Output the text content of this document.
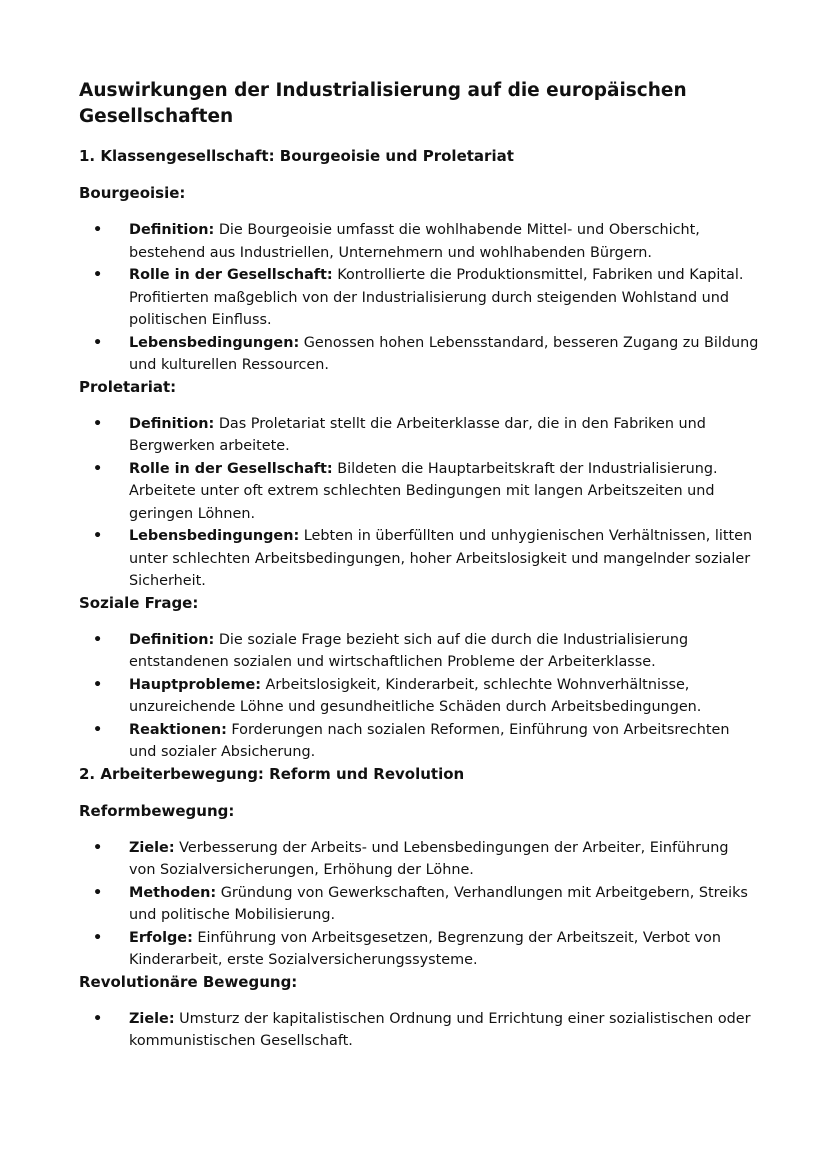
Auswirkungen der Industrialisierung auf die europäischen Gesellschaften
1. Klassengesellschaft: Bourgeoisie und Proletariat
Bourgeoisie:
• Definition: Die Bourgeoisie umfasst die wohlhabende Mittel- und Oberschicht, bestehend aus Industriellen, Unternehmern und wohlhabenden Bürgern.
• Rolle in der Gesellschaft: Kontrollierte die Produktionsmittel, Fabriken und Kapital. Profitierten maßgeblich von der Industrialisierung durch steigenden Wohlstand und politischen Einfluss.
• Lebensbedingungen: Genossen hohen Lebensstandard, besseren Zugang zu Bildung und kulturellen Ressourcen.
Proletariat:
• Definition: Das Proletariat stellt die Arbeiterklasse dar, die in den Fabriken und Bergwerken arbeitete.
• Rolle in der Gesellschaft: Bildeten die Hauptarbeitskraft der Industrialisierung. Arbeitete unter oft extrem schlechten Bedingungen mit langen Arbeitszeiten und geringen Löhnen.
• Lebensbedingungen: Lebten in überfüllten und unhygienischen Verhältnissen, litten unter schlechten Arbeitsbedingungen, hoher Arbeitslosigkeit und mangelnder sozialer Sicherheit.
Soziale Frage:
• Definition: Die soziale Frage bezieht sich auf die durch die Industrialisierung entstandenen sozialen und wirtschaftlichen Probleme der Arbeiterklasse.
• Hauptprobleme: Arbeitslosigkeit, Kinderarbeit, schlechte Wohnverhältnisse, unzureichende Löhne und gesundheitliche Schäden durch Arbeitsbedingungen.
• Reaktionen: Forderungen nach sozialen Reformen, Einführung von Arbeitsrechten und sozialer Absicherung.
2. Arbeiterbewegung: Reform und Revolution
Reformbewegung:
• Ziele: Verbesserung der Arbeits- und Lebensbedingungen der Arbeiter, Einführung von Sozialversicherungen, Erhöhung der Löhne.
• Methoden: Gründung von Gewerkschaften, Verhandlungen mit Arbeitgebern, Streiks und politische Mobilisierung.
• Erfolge: Einführung von Arbeitsgesetzen, Begrenzung der Arbeitszeit, Verbot von Kinderarbeit, erste Sozialversicherungssysteme.
Revolutionäre Bewegung:
• Ziele: Umsturz der kapitalistischen Ordnung und Errichtung einer sozialistischen oder kommunistischen Gesellschaft.
